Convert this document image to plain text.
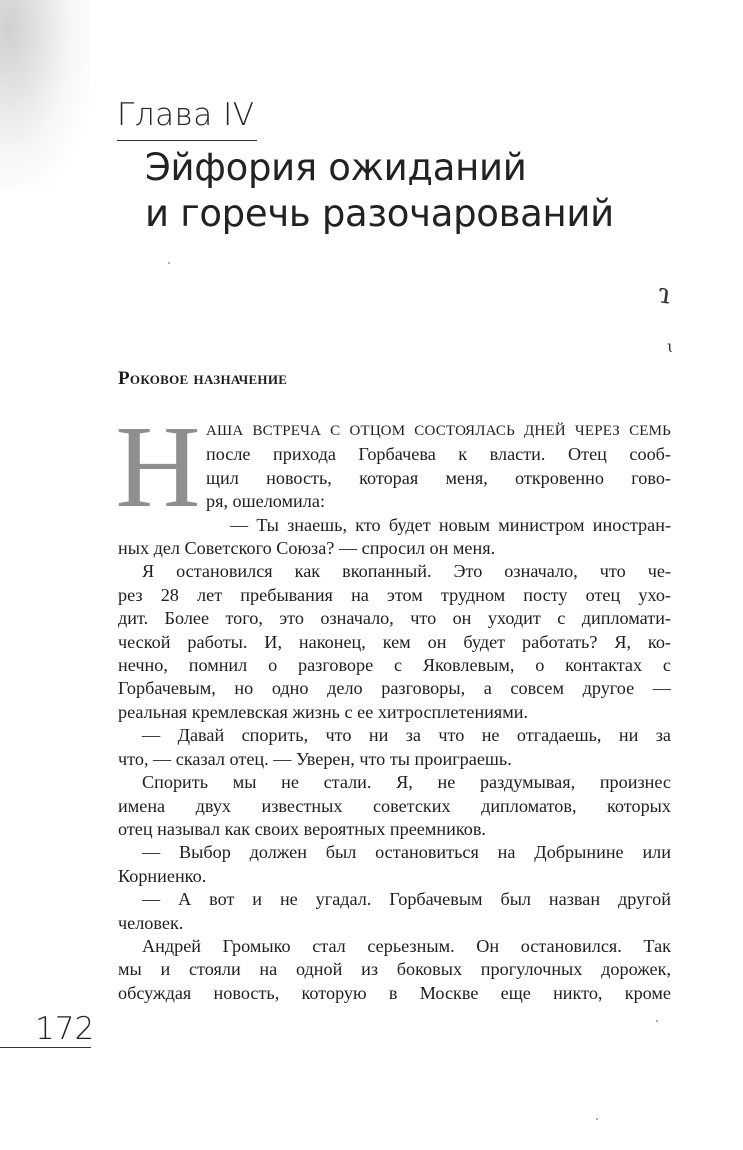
Глава IV
Эйфория ожиданий
и горечь разочарований
ɿ
ɩ
Роковое назначение
Н АША ВСТРЕЧА С ОТЦОМ СОСТОЯЛАСЬ ДНЕЙ ЧЕРЕЗ СЕМЬ
после прихода Горбачева к власти. Отец сооб-
щил новость, которая меня, откровенно гово-
ря, ошеломила:

— Ты знаешь, кто будет новым министром иностран-
ных дел Советского Союза? — спросил он меня.

Я остановился как вкопанный. Это означало, что че-
рез 28 лет пребывания на этом трудном посту отец ухо-
дит. Более того, это означало, что он уходит с дипломати-
ческой работы. И, наконец, кем он будет работать? Я, ко-
нечно, помнил о разговоре с Яковлевым, о контактах с
Горбачевым, но одно дело разговоры, а совсем другое —
реальная кремлевская жизнь с ее хитросплетениями.

— Давай спорить, что ни за что не отгадаешь, ни за
что, — сказал отец. — Уверен, что ты проиграешь.

Спорить мы не стали. Я, не раздумывая, произнес
имена двух известных советских дипломатов, которых
отец называл как своих вероятных преемников.

— Выбор должен был остановиться на Добрынине или
Корниенко.

— А вот и не угадал. Горбачевым был назван другой
человек.

Андрей Громыко стал серьезным. Он остановился. Так
мы и стояли на одной из боковых прогулочных дорожек,
обсуждая новость, которую в Москве еще никто, кроме

172
